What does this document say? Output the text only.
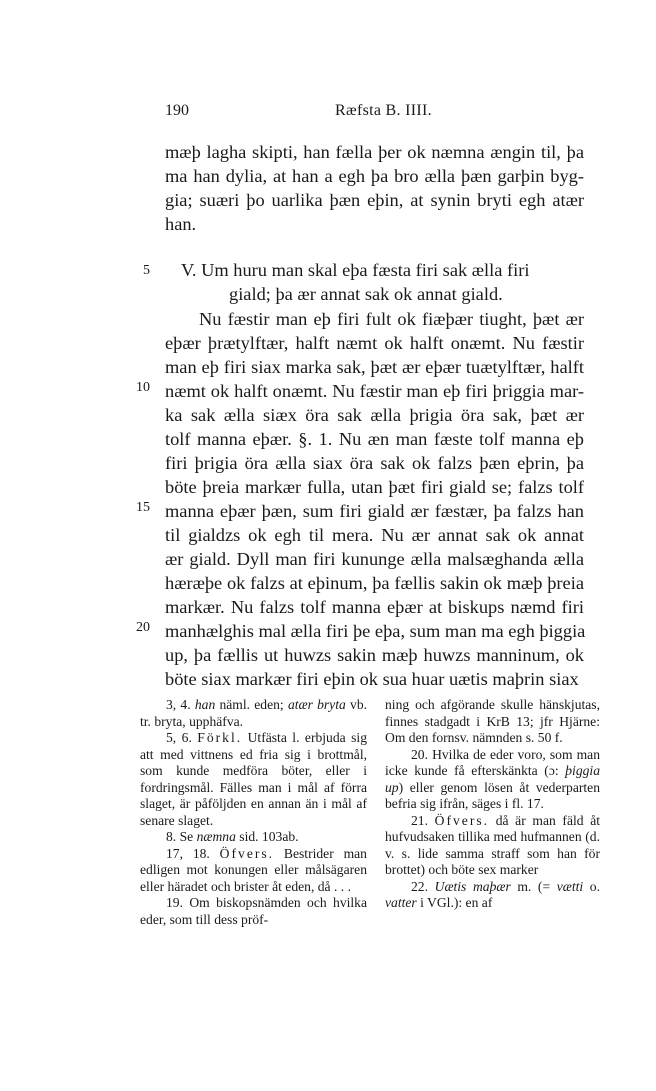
190	Ræfsta B. IIII.
mæþ lagha skipti, han fælla þer ok næmna ængin til, þa
ma han dylia, at han a egh þa bro ælla þæn garþin byg-
gia; suæri þo uarlika þæn eþin, at synin bryti egh atær
han.
5 V. Um huru man skal eþa fæsta firi sak ælla firi
giald; þa ær annat sak ok annat giald.
Nu fæstir man eþ firi fult ok fiæþær tiught, þæt ær
eþær þrætylftær, halft næmt ok halft onæmt. Nu fæstir
man eþ firi siax marka sak, þæt ær eþær tuætylftær, halft
10 næmt ok halft onæmt. Nu fæstir man eþ firi þriggia mar-
ka sak ælla siæx öra sak ælla þrigia öra sak, þæt ær
tolf manna eþær. §. 1. Nu æn man fæste tolf manna eþ
firi þrigia öra ælla siax öra sak ok falzs þæn eþrin, þa
böte þreia markær fulla, utan þæt firi giald se; falzs tolf
15 manna eþær þæn, sum firi giald ær fæstær, þa falzs han
til gialdzs ok egh til mera. Nu ær annat sak ok annat
ær giald. Dyll man firi kununge ælla malsæghanda ælla
hæræþe ok falzs at eþinum, þa fællis sakin ok mæþ þreia
markær. Nu falzs tolf manna eþær at biskups næmd firi
20 manhælghis mal ælla firi þe eþa, sum man ma egh þiggia
up, þa fællis ut huwzs sakin mæþ huwzs manninum, ok
böte siax markær firi eþin ok sua huar uætis maþrin siax

3, 4. han näml. eden; atær bryta vb. tr. bryta, upphäfva.

5, 6. Förkl. Utfästa l. erbjuda sig att med vittnens ed fria sig i brottmål, som kunde medföra böter, eller i fordringsmål. Fälles man i mål af förra slaget, är påföljden en annan än i mål af senare slaget.

8. Se næmna sid. 103ab.

17, 18. Öfvers. Bestrider man edligen mot konungen eller målsägaren eller häradet och brister åt eden, då . . .

19. Om biskopsnämden och hvilka eder, som till dess pröf-

ning och afgörande skulle hänskjutas, finnes stadgadt i KrB 13; jfr Hjärne: Om den fornsv. nämnden s. 50 f.

20. Hvilka de eder voro, som man icke kunde få efterskänkta (ɔ: þiggia up) eller genom lösen åt vederparten befria sig ifrån, säges i fl. 17.

21. Öfvers. då är man fäld åt hufvudsaken tillika med hufmannen (d. v. s. lide samma straff som han för brottet) och böte sex marker

22. Uætis maþær m. (= vætti o. vatter i VGl.): en af
